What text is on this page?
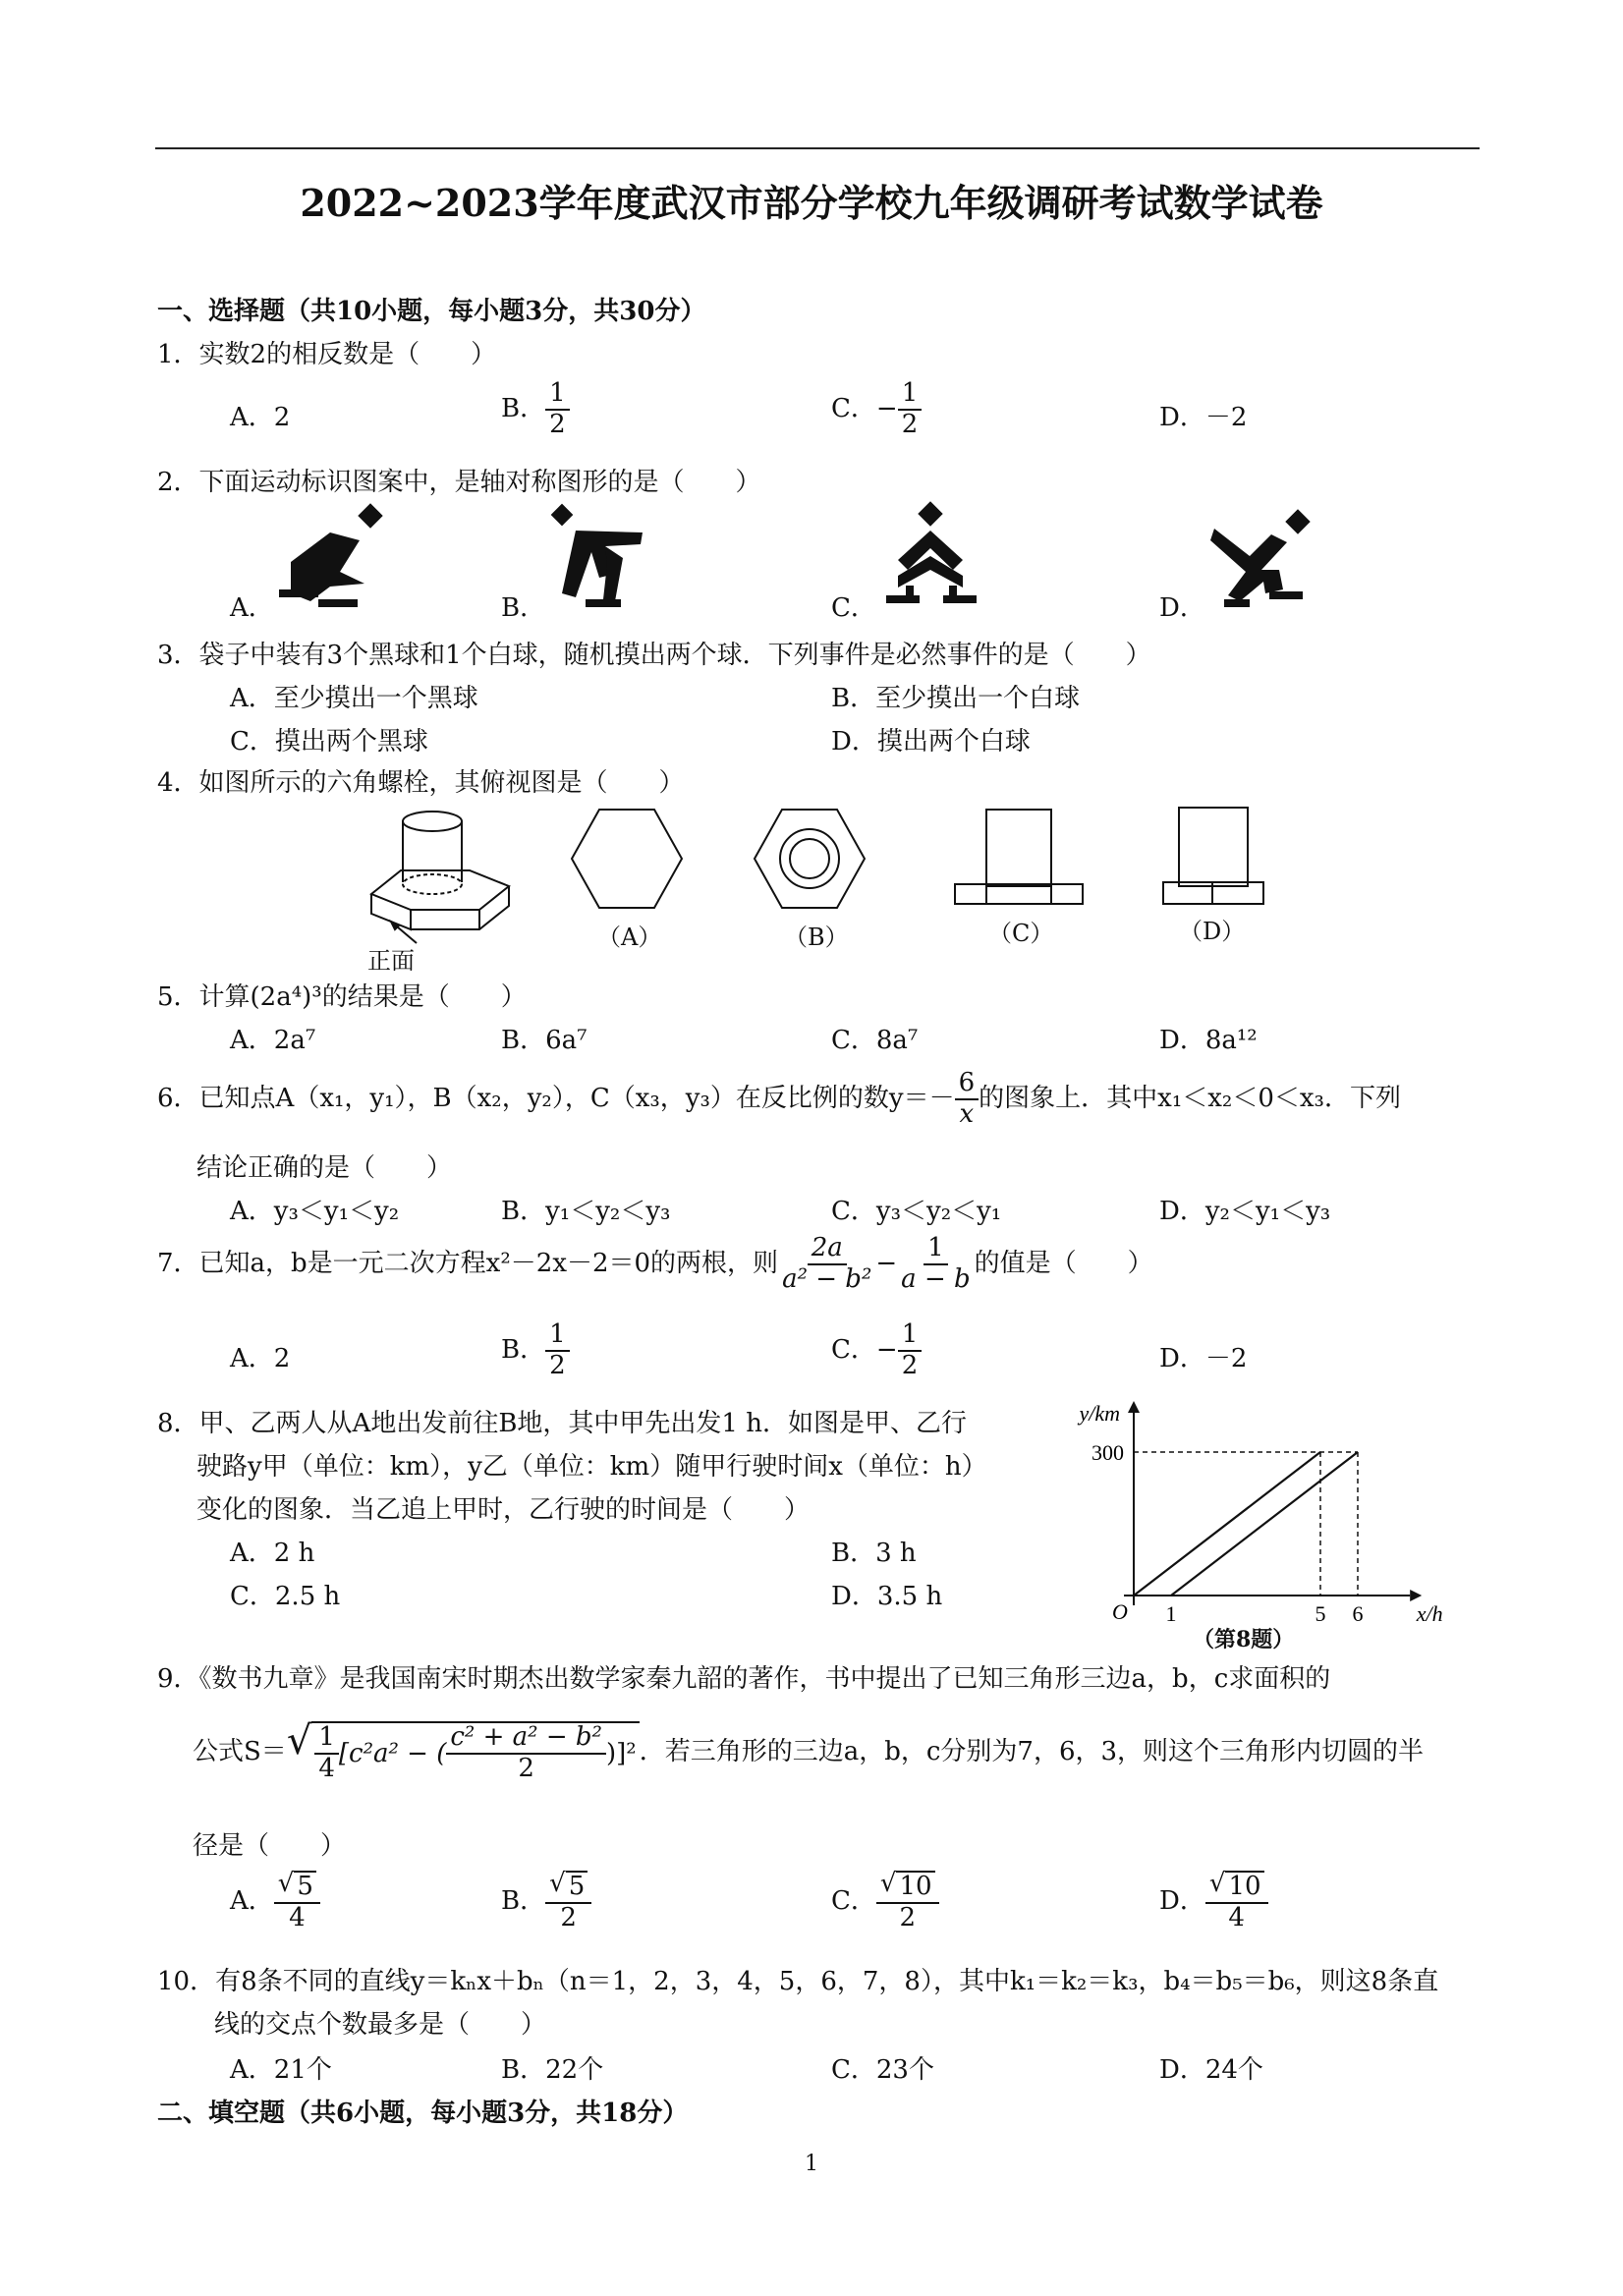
2022~2023学年度武汉市部分学校九年级调研考试数学试卷
一、选择题（共10小题，每小题3分，共30分）
1．实数2的相反数是（　　）
A．2	B． $\frac{1}{2}$	C．− $\frac{1}{2}$	D．－2
2．下面运动标识图案中，是轴对称图形的是（　　）
A．	B．	C．	D．
3．袋子中装有3个黑球和1个白球，随机摸出两个球．下列事件是必然事件的是（　　）
A．至少摸出一个黑球	B．至少摸出一个白球
C．摸出两个黑球	D．摸出两个白球
4．如图所示的六角螺栓，其俯视图是（　　）
正面
（A）	（B）	（C）	（D）
5．计算(2a⁴)³的结果是（　　）
A．2a⁷	B．6a⁷	C．8a⁷	D．8a¹²
6．已知点A（x₁，y₁），B（x₂，y₂），C（x₃，y₃）在反比例的数$y=- \frac{6}{x}$ 的图象上．其中x₁＜x₂＜0＜x₃．下列
结论正确的是（　　）
A．y₃＜y₁＜y₂	B．y₁＜y₂＜y₃	C．y₃＜y₂＜y₁	D．y₂＜y₁＜y₃
7．已知a，b是一元二次方程x²－2x－2＝0的两根，则 $\frac{2a}{\text{a² − b²}} - \frac{1}{a - b}$ 的值是（　　）
A．2	B． $\frac{1}{2}$	C．− $\frac{1}{2}$	D．－2
8．甲、乙两人从A地出发前往B地，其中甲先出发1 h．如图是甲、乙行
驶路y甲（单位：km），y乙（单位：km）随甲行驶时间x（单位：h）
变化的图象．当乙追上甲时，乙行驶的时间是（　　）
A．2 h	B．3 h
C．2.5 h	D．3.5 h
1	5 6
300
O	x/h
y/km
（第8题）
9．《数书九章》是我国南宋时期杰出数学家秦九韶的著作，书中提出了已知三角形三边a，b，c求面积的
公式S＝ √ $\frac{1}{4} [c^2a^2$ − ( $\frac{\text{c² + a² − b²}}{2} )]^2$ ．若三角形的三边a，b，c分别为7，6，3，则这个三角形内切圆的半
径是（　　）
A． $\frac{√ 5}{4}$	B． $\frac{√ 5}{2}$	C． $\frac{√ 10}{2}$	D． $\frac{√ 10}{4}$
10．有8条不同的直线y＝kₙx＋bₙ（n＝1，2，3，4，5，6，7，8），其中k₁＝k₂＝k₃，b₄＝b₅＝b₆，则这8条直
线的交点个数最多是（　　）
A．21个	B．22个	C．23个	D．24个
二、填空题（共6小题，每小题3分，共18分）
1
